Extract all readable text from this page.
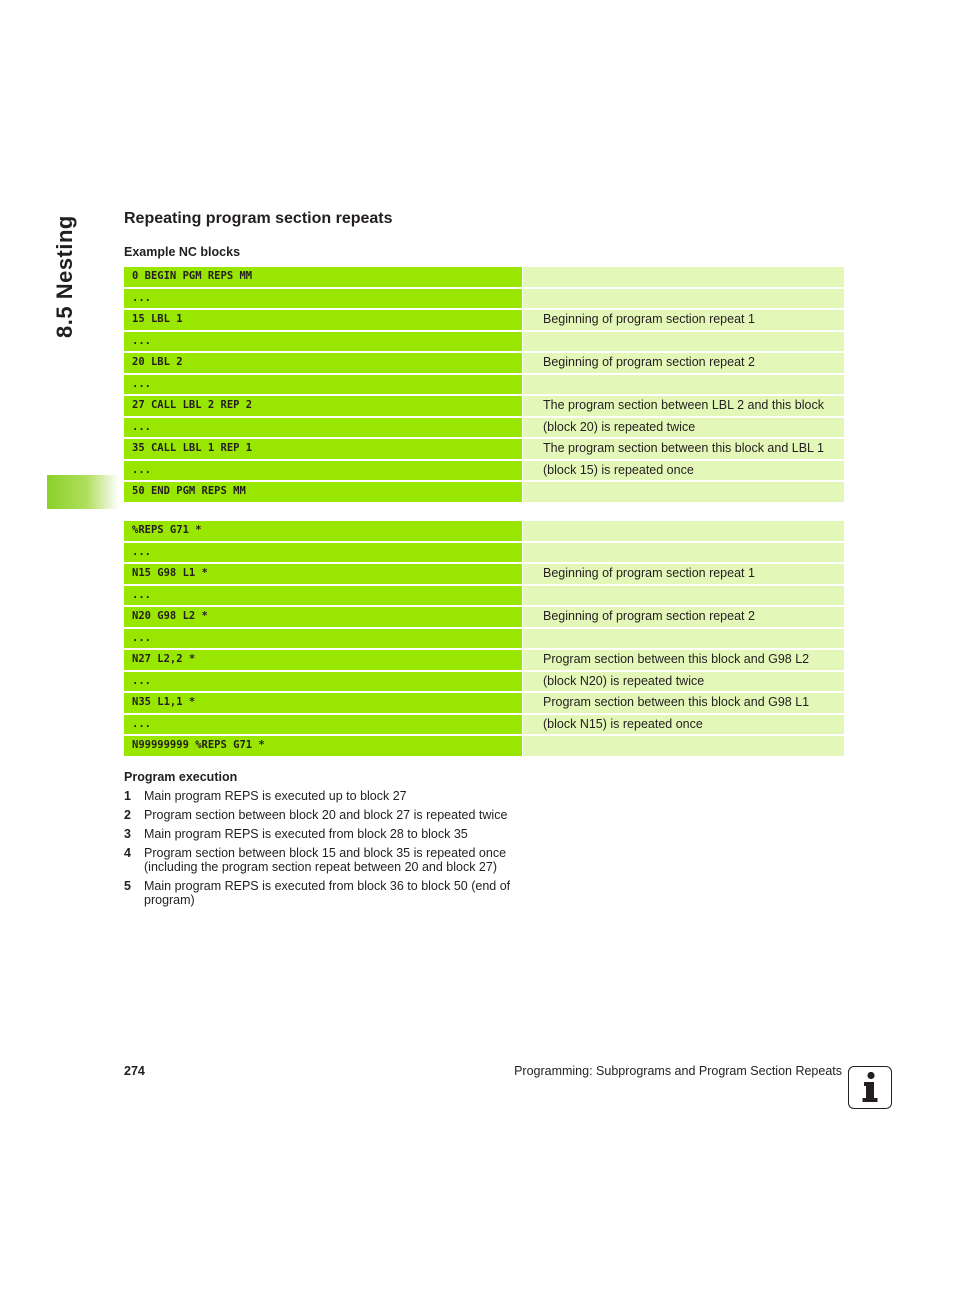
8.5 Nesting	Repeating program section repeats
Example NC blocks
0 BEGIN PGM REPS MM
...
15 LBL 1	Beginning of program section repeat 1
...
20 LBL 2	Beginning of program section repeat 2
...
27 CALL LBL 2 REP 2	The program section between LBL 2 and this block
...	(block 20) is repeated twice
35 CALL LBL 1 REP 1	The program section between this block and LBL 1
...	(block 15) is repeated once
50 END PGM REPS MM
%REPS G71 *
...
N15 G98 L1 *	Beginning of program section repeat 1
...
N20 G98 L2 *	Beginning of program section repeat 2
...
N27 L2,2 *	Program section between this block and G98 L2
...	(block N20) is repeated twice
N35 L1,1 *	Program section between this block and G98 L1
...	(block N15) is repeated once
N99999999 %REPS G71 *
Program execution
1	Main program REPS is executed up to block 27
2	Program section between block 20 and block 27 is repeated twice
3	Main program REPS is executed from block 28 to block 35
4	Program section between block 15 and block 35 is repeated once (including the program section repeat between 20 and block 27)
5	Main program REPS is executed from block 36 to block 50 (end of program)
274	Programming: Subprograms and Program Section Repeats
